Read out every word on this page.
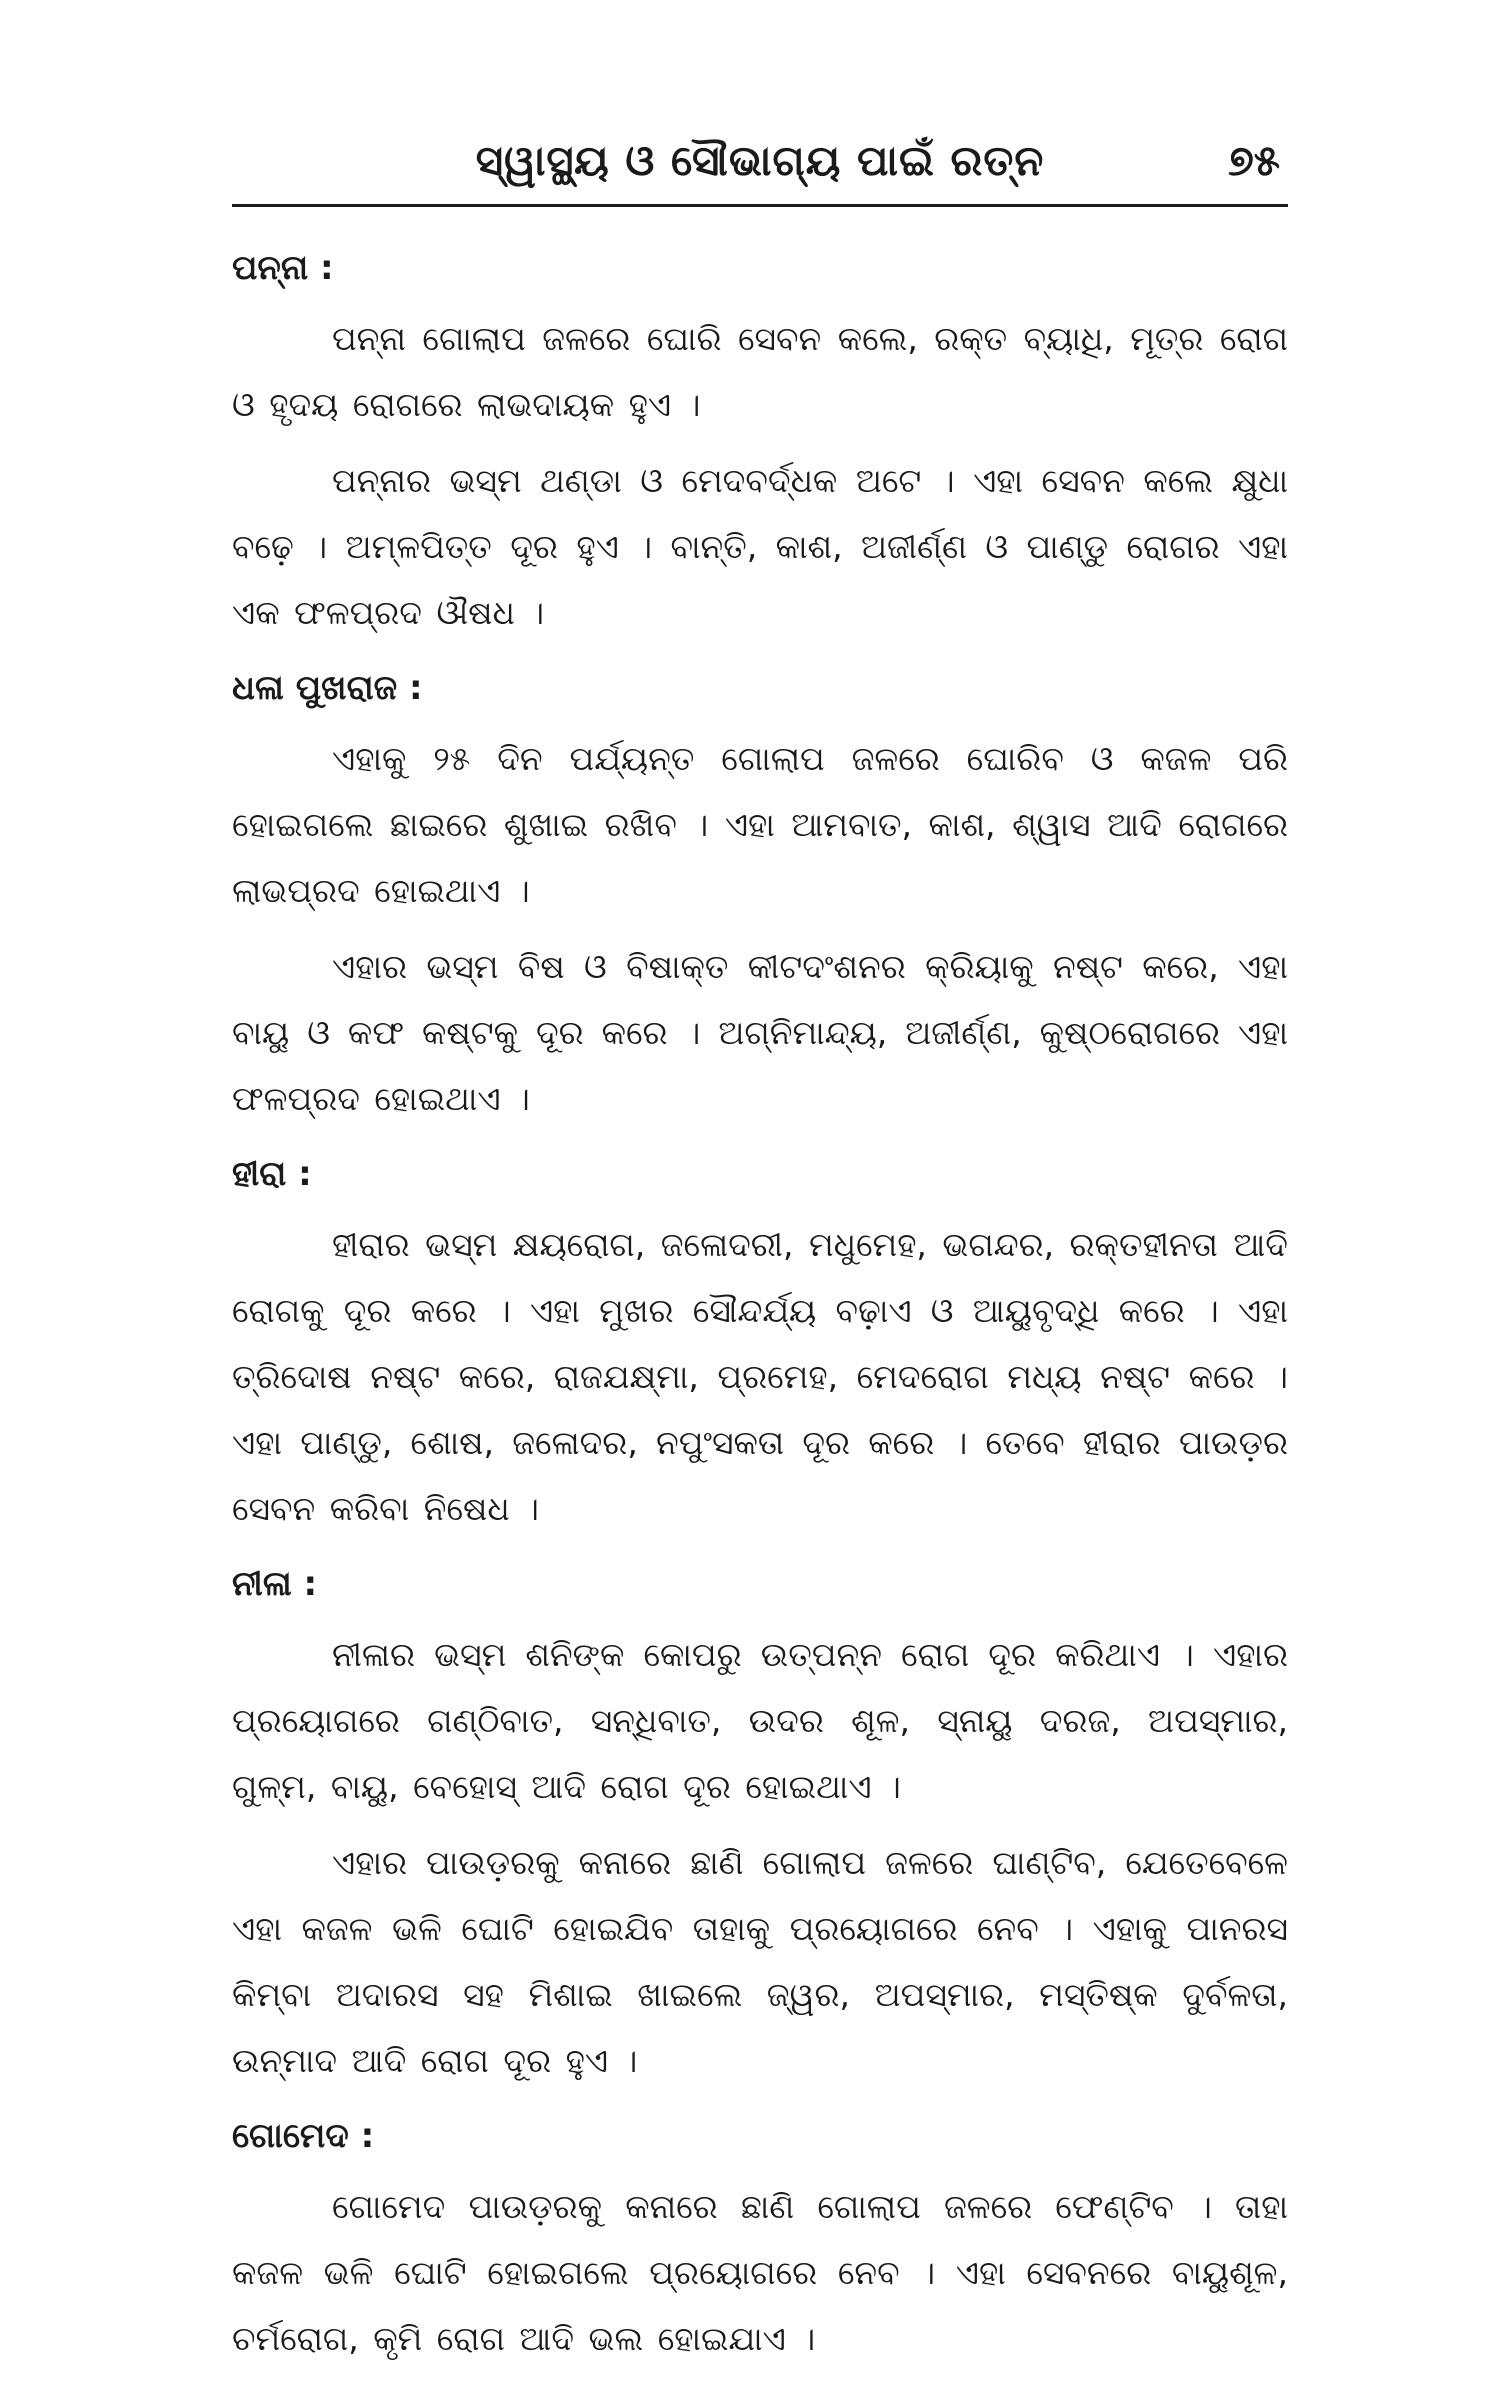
ସ୍ୱାସ୍ଥ୍ୟ ଓ ସୌଭାଗ୍ୟ ପାଇଁ ରତ୍ନ	୭୫
ପନ୍ନା :

ପନ୍ନା ଗୋଲାପ ଜଳରେ ଘୋରି ସେବନ କଲେ, ରକ୍ତ ବ୍ୟାଧି, ମୂତ୍ର ରୋଗ ଓ ହୃଦୟ ରୋଗରେ ଲାଭଦାୟକ ହୁଏ ।

ପନ୍ନାର ଭସ୍ମ ଥଣ୍ଡା ଓ ମେଦବର୍ଦ୍ଧକ ଅଟେ । ଏହା ସେବନ କଲେ କ୍ଷୁଧା ବଢ଼େ । ଅମ୍ଳପିତ୍ତ ଦୂର ହୁଏ । ବାନ୍ତି, କାଶ, ଅଜୀର୍ଣ୍ଣ ଓ ପାଣ୍ଡୁ ରୋଗର ଏହା ଏକ ଫଳପ୍ରଦ ଔଷଧ ।

ଧଳା ପୁଖରାଜ :

ଏହାକୁ ୨୫ ଦିନ ପର୍ଯ୍ୟନ୍ତ ଗୋଲାପ ଜଳରେ ଘୋରିବ ଓ କଜଳ ପରି ହୋଇଗଲେ ଛାଇରେ ଶୁଖାଇ ରଖିବ । ଏହା ଆମବାତ, କାଶ, ଶ୍ୱାସ ଆଦି ରୋଗରେ ଲାଭପ୍ରଦ ହୋଇଥାଏ ।

ଏହାର ଭସ୍ମ ବିଷ ଓ ବିଷାକ୍ତ କୀଟଦଂଶନର କ୍ରିୟାକୁ ନଷ୍ଟ କରେ, ଏହା ବାୟୁ ଓ କଫ କଷ୍ଟକୁ ଦୂର କରେ । ଅଗ୍ନିମାନ୍ଦ୍ୟ, ଅଜୀର୍ଣ୍ଣ, କୁଷ୍ଠରୋଗରେ ଏହା ଫଳପ୍ରଦ ହୋଇଥାଏ ।

ହୀରା :

ହୀରାର ଭସ୍ମ କ୍ଷୟରୋଗ, ଜଳୋଦରୀ, ମଧୁମେହ, ଭଗନ୍ଦର, ରକ୍ତହୀନତା ଆଦି ରୋଗକୁ ଦୂର କରେ । ଏହା ମୁଖର ସୌନ୍ଦର୍ଯ୍ୟ ବଢ଼ାଏ ଓ ଆୟୁବୃଦ୍ଧି କରେ । ଏହା ତ୍ରିଦୋଷ ନଷ୍ଟ କରେ, ରାଜଯକ୍ଷ୍ମା, ପ୍ରମେହ, ମେଦରୋଗ ମଧ୍ୟ ନଷ୍ଟ କରେ । ଏହା ପାଣ୍ଡୁ, ଶୋଷ, ଜଳୋଦର, ନପୁଂସକତା ଦୂର କରେ । ତେବେ ହୀରାର ପାଉଡ଼ର ସେବନ କରିବା ନିଷେଧ ।

ନୀଳା :

ନୀଳାର ଭସ୍ମ ଶନିଙ୍କ କୋପରୁ ଉତ୍ପନ୍ନ ରୋଗ ଦୂର କରିଥାଏ । ଏହାର ପ୍ରୟୋଗରେ ଗଣ୍ଠିବାତ, ସନ୍ଧିବାତ, ଉଦର ଶୂଳ, ସ୍ନାୟୁ ଦରଜ, ଅପସ୍ମାର, ଗୁଳ୍ମ, ବାୟୁ, ବେହୋସ୍ ଆଦି ରୋଗ ଦୂର ହୋଇଥାଏ ।

ଏହାର ପାଉଡ଼ରକୁ କନାରେ ଛାଣି ଗୋଲାପ ଜଳରେ ଘାଣ୍ଟିବ, ଯେତେବେଳେ ଏହା କଜଳ ଭଳି ଘୋଟି ହୋଇଯିବ ତାହାକୁ ପ୍ରୟୋଗରେ ନେବ । ଏହାକୁ ପାନରସ କିମ୍ବା ଅଦାରସ ସହ ମିଶାଇ ଖାଇଲେ ଜ୍ୱର, ଅପସ୍ମାର, ମସ୍ତିଷ୍କ ଦୁର୍ବଳତା, ଉନ୍ମାଦ ଆଦି ରୋଗ ଦୂର ହୁଏ ।

ଗୋମେଦ :

ଗୋମେଦ ପାଉଡ଼ରକୁ କନାରେ ଛାଣି ଗୋଲାପ ଜଳରେ ଫେଣ୍ଟିବ । ତାହା କଜଳ ଭଳି ଘୋଟି ହୋଇଗଲେ ପ୍ରୟୋଗରେ ନେବ । ଏହା ସେବନରେ ବାୟୁଶୂଳ, ଚର୍ମରୋଗ, କୃମି ରୋଗ ଆଦି ଭଲ ହୋଇଯାଏ ।
